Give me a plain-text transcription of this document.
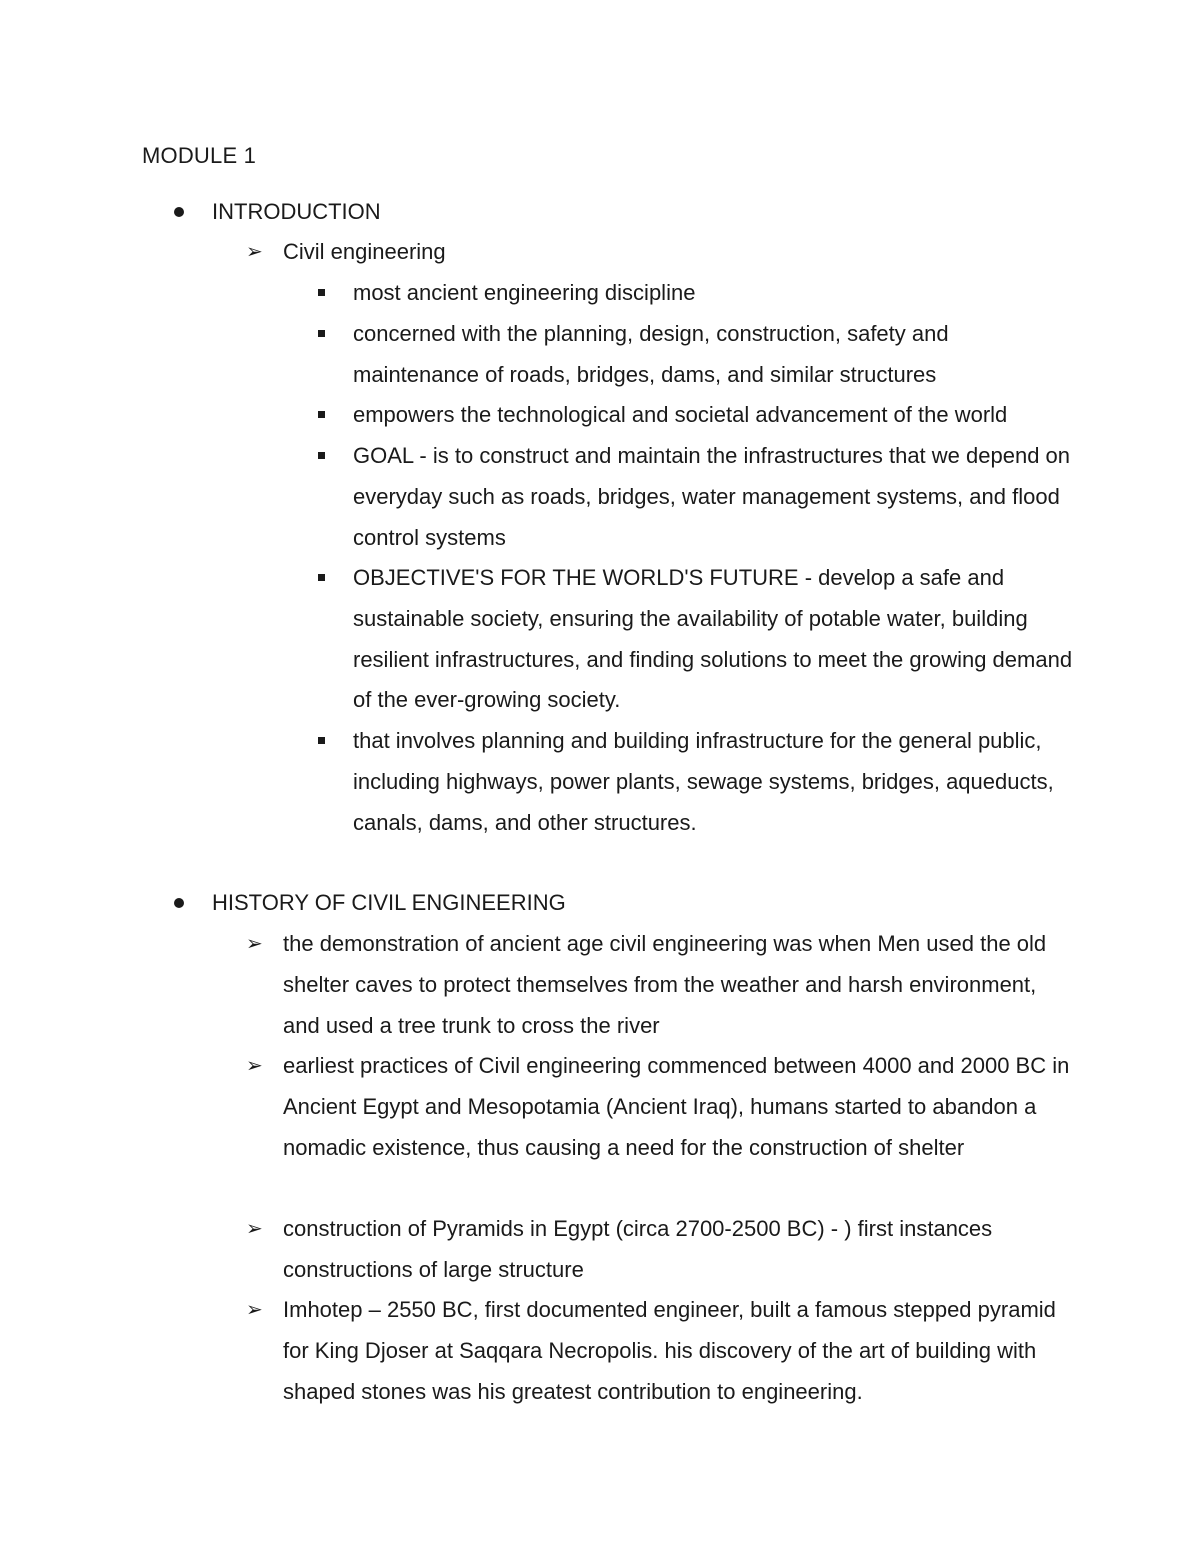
MODULE 1
INTRODUCTION
➢ Civil engineering
most ancient engineering discipline
concerned with the planning, design, construction, safety and maintenance of roads, bridges, dams, and similar structures
empowers the technological and societal advancement of the world
GOAL - is to construct and maintain the infrastructures that we depend on everyday such as roads, bridges, water management systems, and flood control systems
OBJECTIVE'S FOR THE WORLD'S FUTURE - develop a safe and sustainable society, ensuring the availability of potable water, building resilient infrastructures, and finding solutions to meet the growing demand of the ever-growing society.
that involves planning and building infrastructure for the general public, including highways, power plants, sewage systems, bridges, aqueducts, canals, dams, and other structures.
HISTORY OF CIVIL ENGINEERING
➢ the demonstration of ancient age civil engineering was when Men used the old shelter caves to protect themselves from the weather and harsh environment, and used a tree trunk to cross the river
➢ earliest practices of Civil engineering commenced between 4000 and 2000 BC in Ancient Egypt and Mesopotamia (Ancient Iraq), humans started to abandon a nomadic existence, thus causing a need for the construction of shelter
➢ construction of Pyramids in Egypt (circa 2700-2500 BC) - ) first instances constructions of large structure
➢ Imhotep – 2550 BC, first documented engineer, built a famous stepped pyramid for King Djoser at Saqqara Necropolis. his discovery of the art of building with shaped stones was his greatest contribution to engineering.
